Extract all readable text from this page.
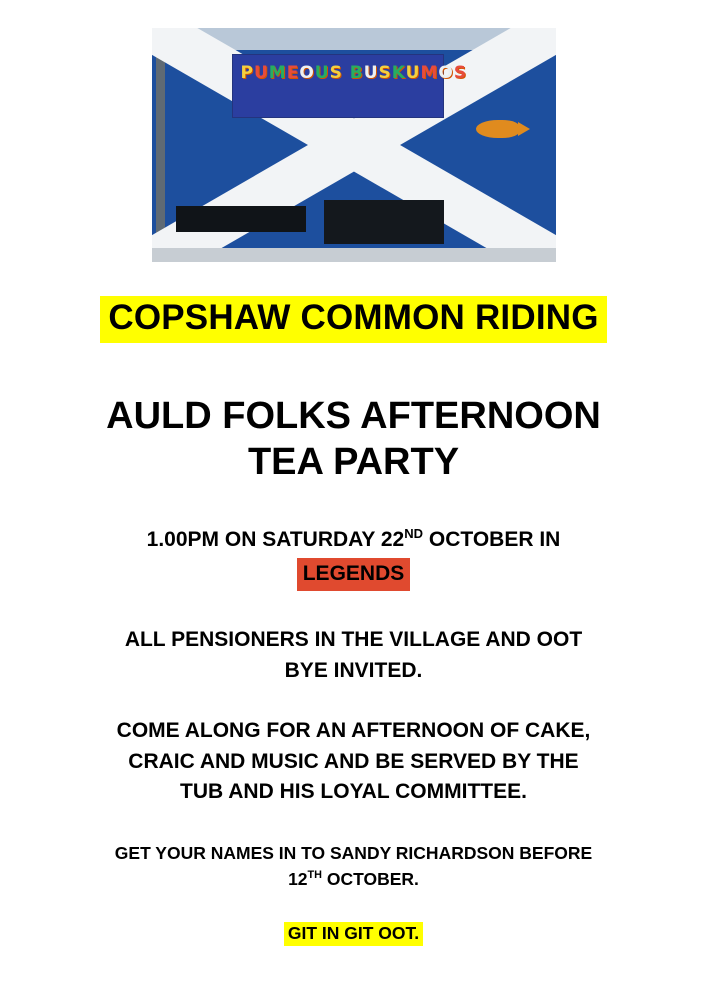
PUMEOUS BUSKUMOS
COPSHAW COMMON RIDING
AULD FOLKS AFTERNOON
TEA PARTY
1.00PM ON SATURDAY 22ND OCTOBER IN
LEGENDS
ALL PENSIONERS IN THE VILLAGE AND OOT
BYE INVITED.
COME ALONG FOR AN AFTERNOON OF CAKE,
CRAIC AND MUSIC AND BE SERVED BY THE
TUB AND HIS LOYAL COMMITTEE.
GET YOUR NAMES IN TO SANDY RICHARDSON BEFORE
12TH OCTOBER.
GIT IN GIT OOT.
